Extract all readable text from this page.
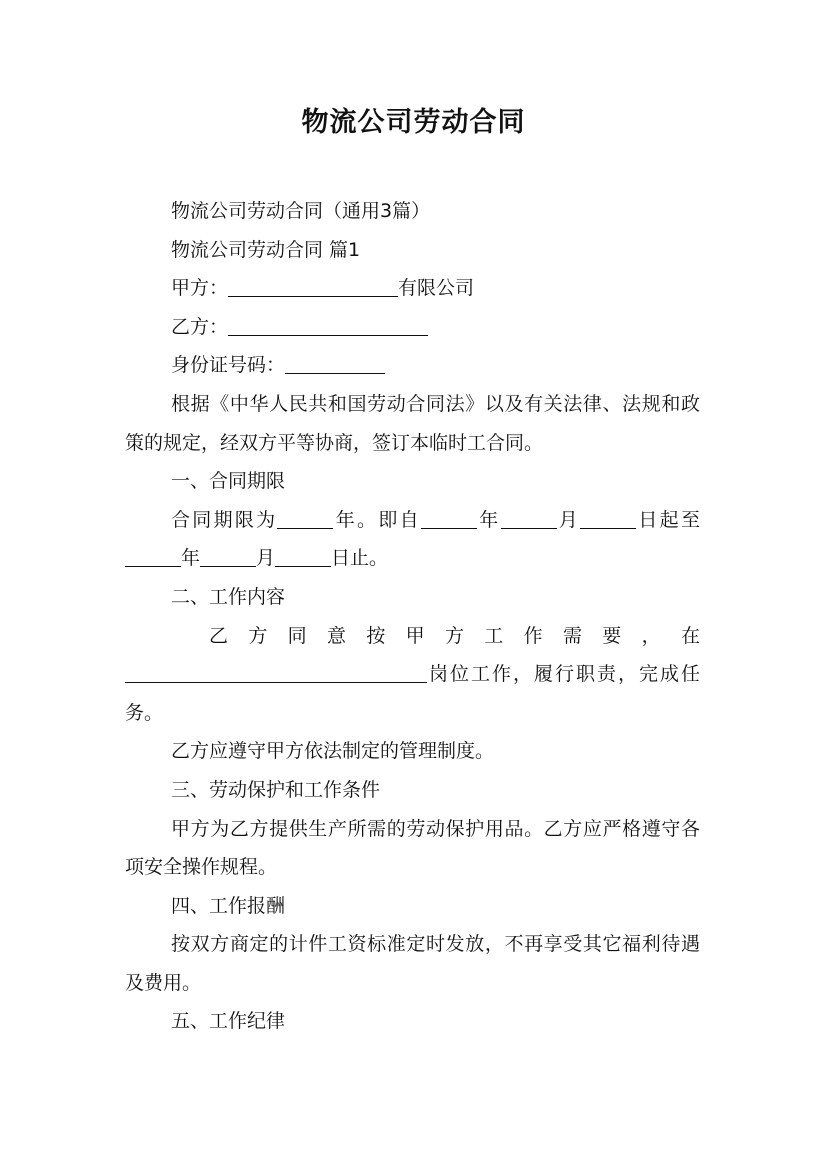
物流公司劳动合同

物流公司劳动合同（通用3篇）

物流公司劳动合同 篇1

甲方：	有限公司

乙方：

身份证号码：

根据《中华人民共和国劳动合同法》以及有关法律、法规和政策的规定，经双方平等协商，签订本临时工合同。

一、合同期限

合同期限为	年。即自	年	月	日起至年	月	日止。

二、工作内容

乙 方 同 意 按 甲 方 工 作 需 要 ， 在

岗位工作，履行职责，完成任务。

乙方应遵守甲方依法制定的管理制度。

三、劳动保护和工作条件

甲方为乙方提供生产所需的劳动保护用品。乙方应严格遵守各项安全操作规程。

四、工作报酬

按双方商定的计件工资标准定时发放，不再享受其它福利待遇及费用。

五、工作纪律
